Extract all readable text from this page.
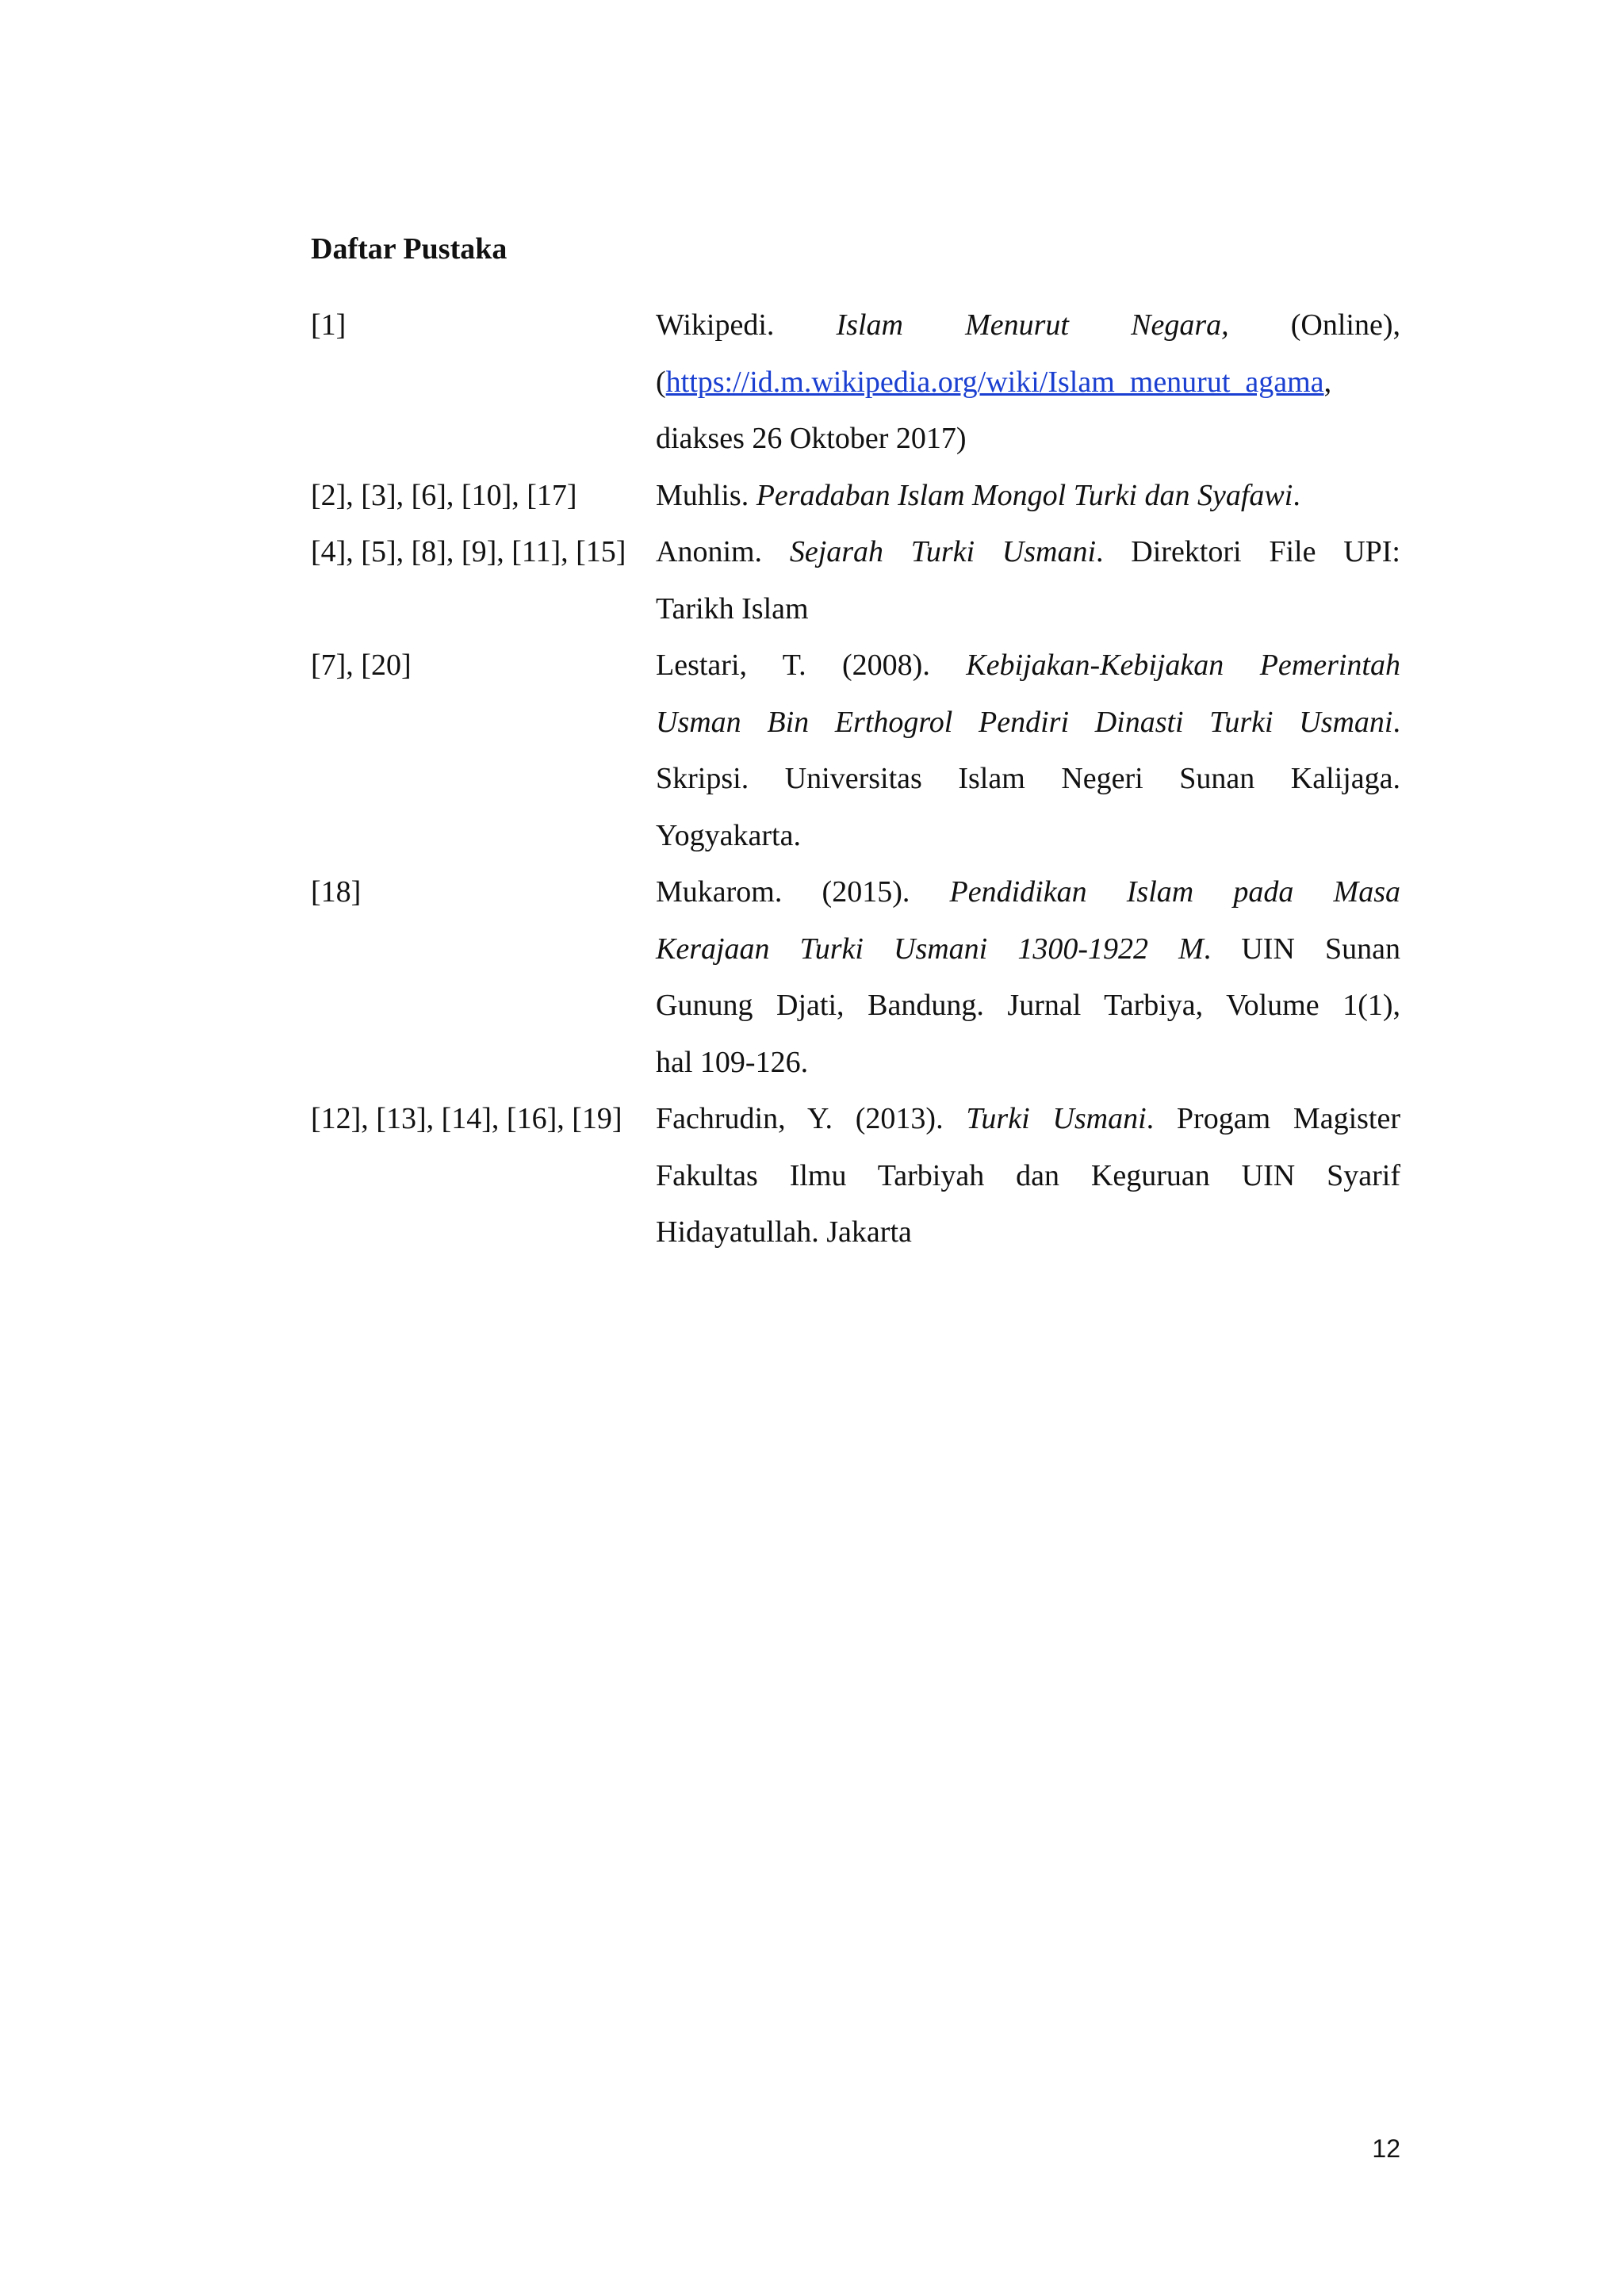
Daftar Pustaka
[1]	Wikipedi. Islam Menurut Negara, (Online),
(https://id.m.wikipedia.org/wiki/Islam_menurut_agama,
diakses 26 Oktober 2017)
[2], [3], [6], [10], [17]	Muhlis. Peradaban Islam Mongol Turki dan Syafawi.
[4], [5], [8], [9], [11], [15] Anonim. Sejarah Turki Usmani. Direktori File UPI:
Tarikh Islam
[7], [20]	Lestari, T. (2008). Kebijakan-Kebijakan Pemerintah
Usman Bin Erthogrol Pendiri Dinasti Turki Usmani.
Skripsi. Universitas Islam Negeri Sunan Kalijaga.
Yogyakarta.
[18]	Mukarom. (2015). Pendidikan Islam pada Masa
Kerajaan Turki Usmani 1300-1922 M. UIN Sunan
Gunung Djati, Bandung. Jurnal Tarbiya, Volume 1(1),
hal 109-126.
[12], [13], [14], [16], [19]	Fachrudin, Y. (2013). Turki Usmani. Progam Magister
Fakultas Ilmu Tarbiyah dan Keguruan UIN Syarif
Hidayatullah. Jakarta
12
